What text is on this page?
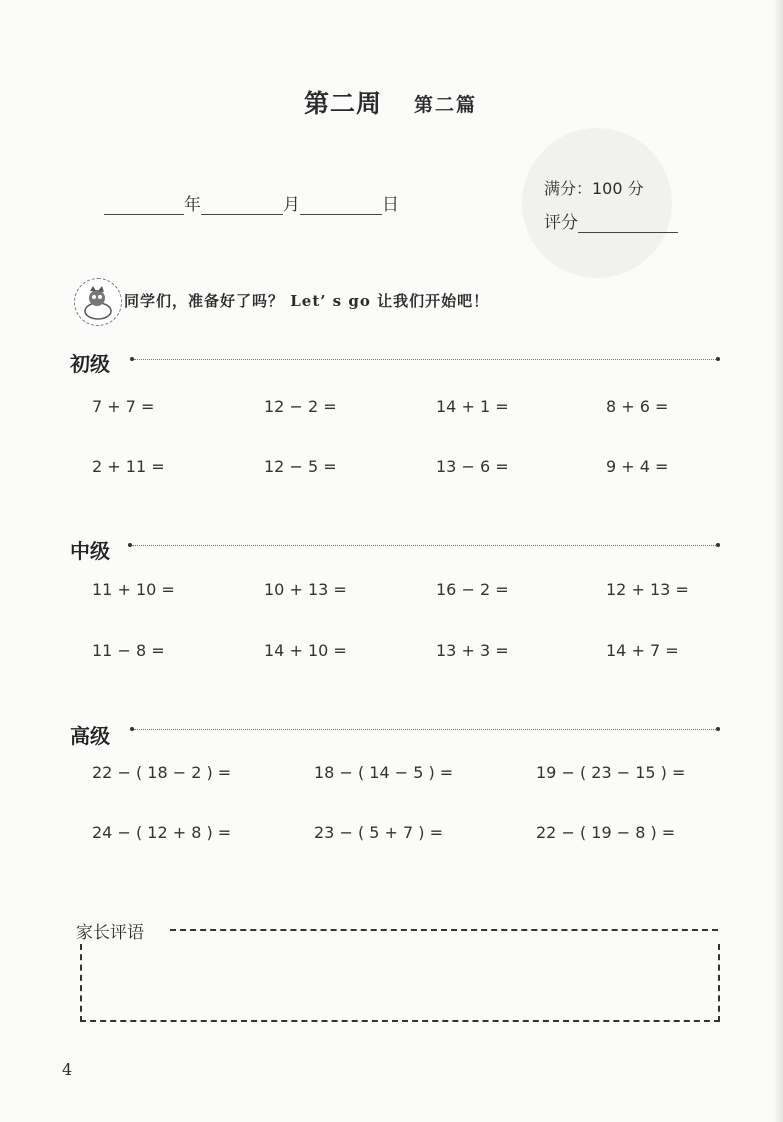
第二周 第二篇
年	月	日
满分：100 分
评分
同学们，准备好了吗？ Let’ s go 让我们开始吧！
初级
7 + 7 =	12 − 2 =	14 + 1 =	8 + 6 =
2 + 11 =	12 − 5 =	13 − 6 =	9 + 4 =
中级
11 + 10 =	10 + 13 =	16 − 2 =	12 + 13 =
11 − 8 =	14 + 10 =	13 + 3 =	14 + 7 =
高级
22 − ( 18 − 2 ) =	18 − ( 14 − 5 ) =	19 − ( 23 − 15 ) =
24 − ( 12 + 8 ) =	23 − ( 5 + 7 ) =	22 − ( 19 − 8 ) =
家长评语
4
